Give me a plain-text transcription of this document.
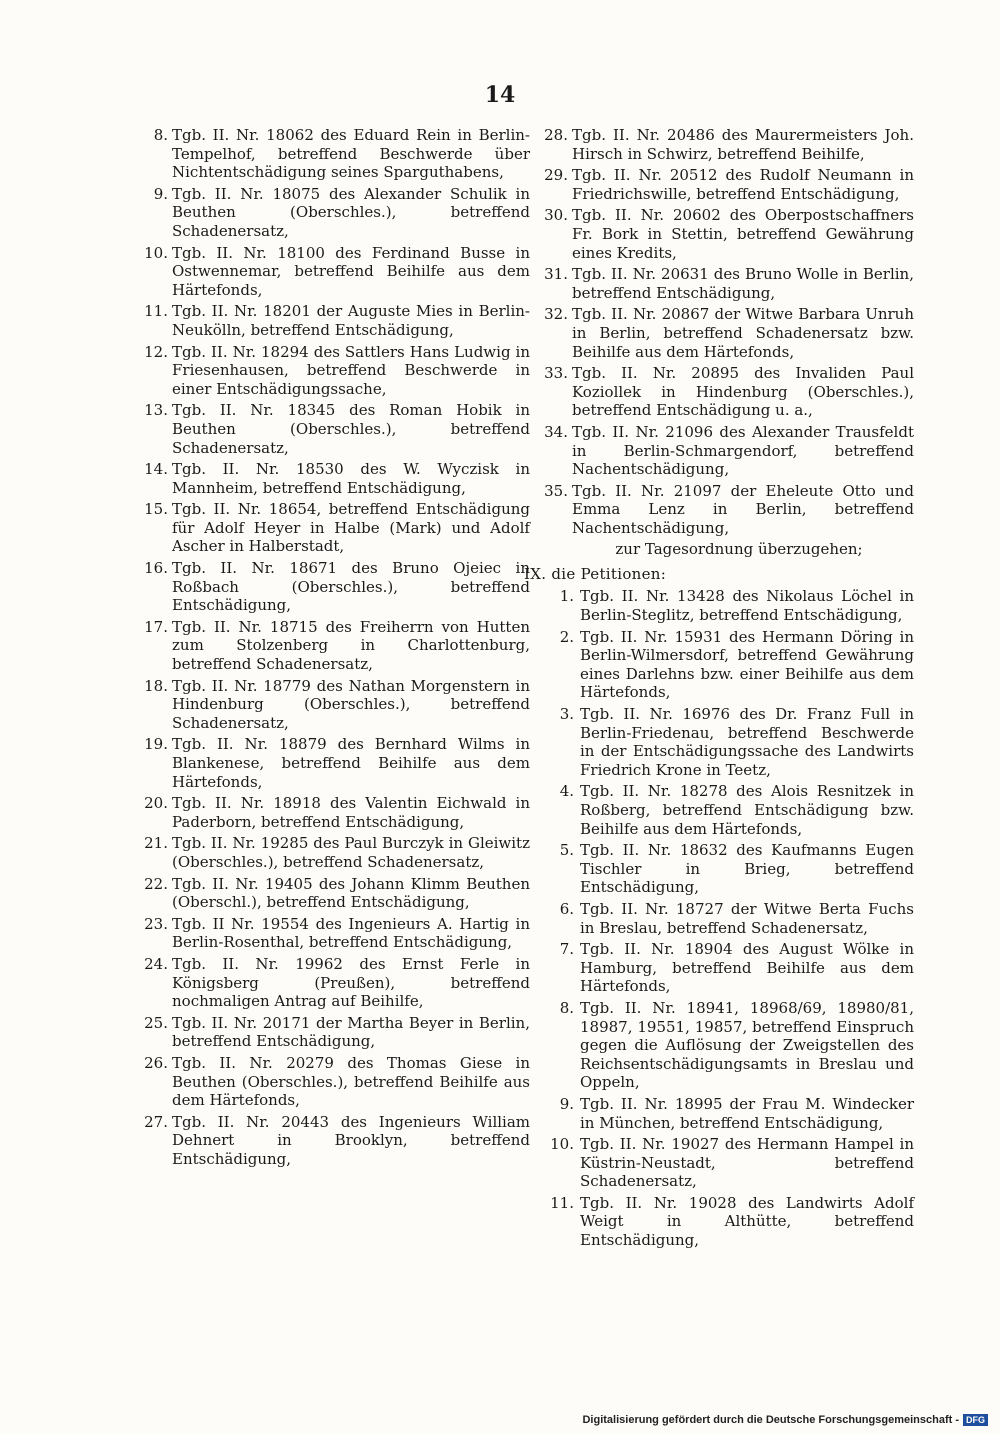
14
8. Tgb. II. Nr. 18062 des Eduard Rein in Berlin-Tempelhof, betreffend Beschwerde über Nichtentschädigung seines Sparguthabens,
9. Tgb. II. Nr. 18075 des Alexander Schulik in Beuthen (Oberschles.), betreffend Schadenersatz,
10. Tgb. II. Nr. 18100 des Ferdinand Busse in Ostwennemar, betreffend Beihilfe aus dem Härtefonds,
11. Tgb. II. Nr. 18201 der Auguste Mies in Berlin-Neukölln, betreffend Entschädigung,
12. Tgb. II. Nr. 18294 des Sattlers Hans Ludwig in Friesenhausen, betreffend Beschwerde in einer Entschädigungssache,
13. Tgb. II. Nr. 18345 des Roman Hobik in Beuthen (Oberschles.), betreffend Schadenersatz,
14. Tgb. II. Nr. 18530 des W. Wyczisk in Mannheim, betreffend Entschädigung,
15. Tgb. II. Nr. 18654, betreffend Entschädigung für Adolf Heyer in Halbe (Mark) und Adolf Ascher in Halberstadt,
16. Tgb. II. Nr. 18671 des Bruno Ojeiec in Roßbach (Oberschles.), betreffend Entschädigung,
17. Tgb. II. Nr. 18715 des Freiherrn von Hutten zum Stolzenberg in Charlottenburg, betreffend Schadenersatz,
18. Tgb. II. Nr. 18779 des Nathan Morgenstern in Hindenburg (Oberschles.), betreffend Schadenersatz,
19. Tgb. II. Nr. 18879 des Bernhard Wilms in Blankenese, betreffend Beihilfe aus dem Härtefonds,
20. Tgb. II. Nr. 18918 des Valentin Eichwald in Paderborn, betreffend Entschädigung,
21. Tgb. II. Nr. 19285 des Paul Burczyk in Gleiwitz (Oberschles.), betreffend Schadenersatz,
22. Tgb. II. Nr. 19405 des Johann Klimm Beuthen (Oberschl.), betreffend Entschädigung,
23. Tgb. II Nr. 19554 des Ingenieurs A. Hartig in Berlin-Rosenthal, betreffend Entschädigung,
24. Tgb. II. Nr. 19962 des Ernst Ferle in Königsberg (Preußen), betreffend nochmaligen Antrag auf Beihilfe,
25. Tgb. II. Nr. 20171 der Martha Beyer in Berlin, betreffend Entschädigung,
26. Tgb. II. Nr. 20279 des Thomas Giese in Beuthen (Oberschles.), betreffend Beihilfe aus dem Härtefonds,
27. Tgb. II. Nr. 20443 des Ingenieurs William Dehnert in Brooklyn, betreffend Entschädigung,
28. Tgb. II. Nr. 20486 des Maurermeisters Joh. Hirsch in Schwirz, betreffend Beihilfe,
29. Tgb. II. Nr. 20512 des Rudolf Neumann in Friedrichswille, betreffend Entschädigung,
30. Tgb. II. Nr. 20602 des Oberpostschaffners Fr. Bork in Stettin, betreffend Gewährung eines Kredits,
31. Tgb. II. Nr. 20631 des Bruno Wolle in Berlin, betreffend Entschädigung,
32. Tgb. II. Nr. 20867 der Witwe Barbara Unruh in Berlin, betreffend Schadenersatz bzw. Beihilfe aus dem Härtefonds,
33. Tgb. II. Nr. 20895 des Invaliden Paul Koziollek in Hindenburg (Oberschles.), betreffend Entschädigung u. a.,
34. Tgb. II. Nr. 21096 des Alexander Trausfeldt in Berlin-Schmargendorf, betreffend Nachentschädigung,
35. Tgb. II. Nr. 21097 der Eheleute Otto und Emma Lenz in Berlin, betreffend Nachentschädigung,
zur Tagesordnung überzugehen;
IX. die Petitionen:
1. Tgb. II. Nr. 13428 des Nikolaus Löchel in Berlin-Steglitz, betreffend Entschädigung,
2. Tgb. II. Nr. 15931 des Hermann Döring in Berlin-Wilmersdorf, betreffend Gewährung eines Darlehns bzw. einer Beihilfe aus dem Härtefonds,
3. Tgb. II. Nr. 16976 des Dr. Franz Full in Berlin-Friedenau, betreffend Beschwerde in der Entschädigungssache des Landwirts Friedrich Krone in Teetz,
4. Tgb. II. Nr. 18278 des Alois Resnitzek in Roßberg, betreffend Entschädigung bzw. Beihilfe aus dem Härtefonds,
5. Tgb. II. Nr. 18632 des Kaufmanns Eugen Tischler in Brieg, betreffend Entschädigung,
6. Tgb. II. Nr. 18727 der Witwe Berta Fuchs in Breslau, betreffend Schadenersatz,
7. Tgb. II. Nr. 18904 des August Wölke in Hamburg, betreffend Beihilfe aus dem Härtefonds,
8. Tgb. II. Nr. 18941, 18968/69, 18980/81, 18987, 19551, 19857, betreffend Einspruch gegen die Auflösung der Zweigstellen des Reichsentschädigungsamts in Breslau und Oppeln,
9. Tgb. II. Nr. 18995 der Frau M. Windecker in München, betreffend Entschädigung,
10. Tgb. II. Nr. 19027 des Hermann Hampel in Küstrin-Neustadt, betreffend Schadenersatz,
11. Tgb. II. Nr. 19028 des Landwirts Adolf Weigt in Althütte, betreffend Entschädigung,
Digitalisierung gefördert durch die Deutsche Forschungsgemeinschaft - DFG
